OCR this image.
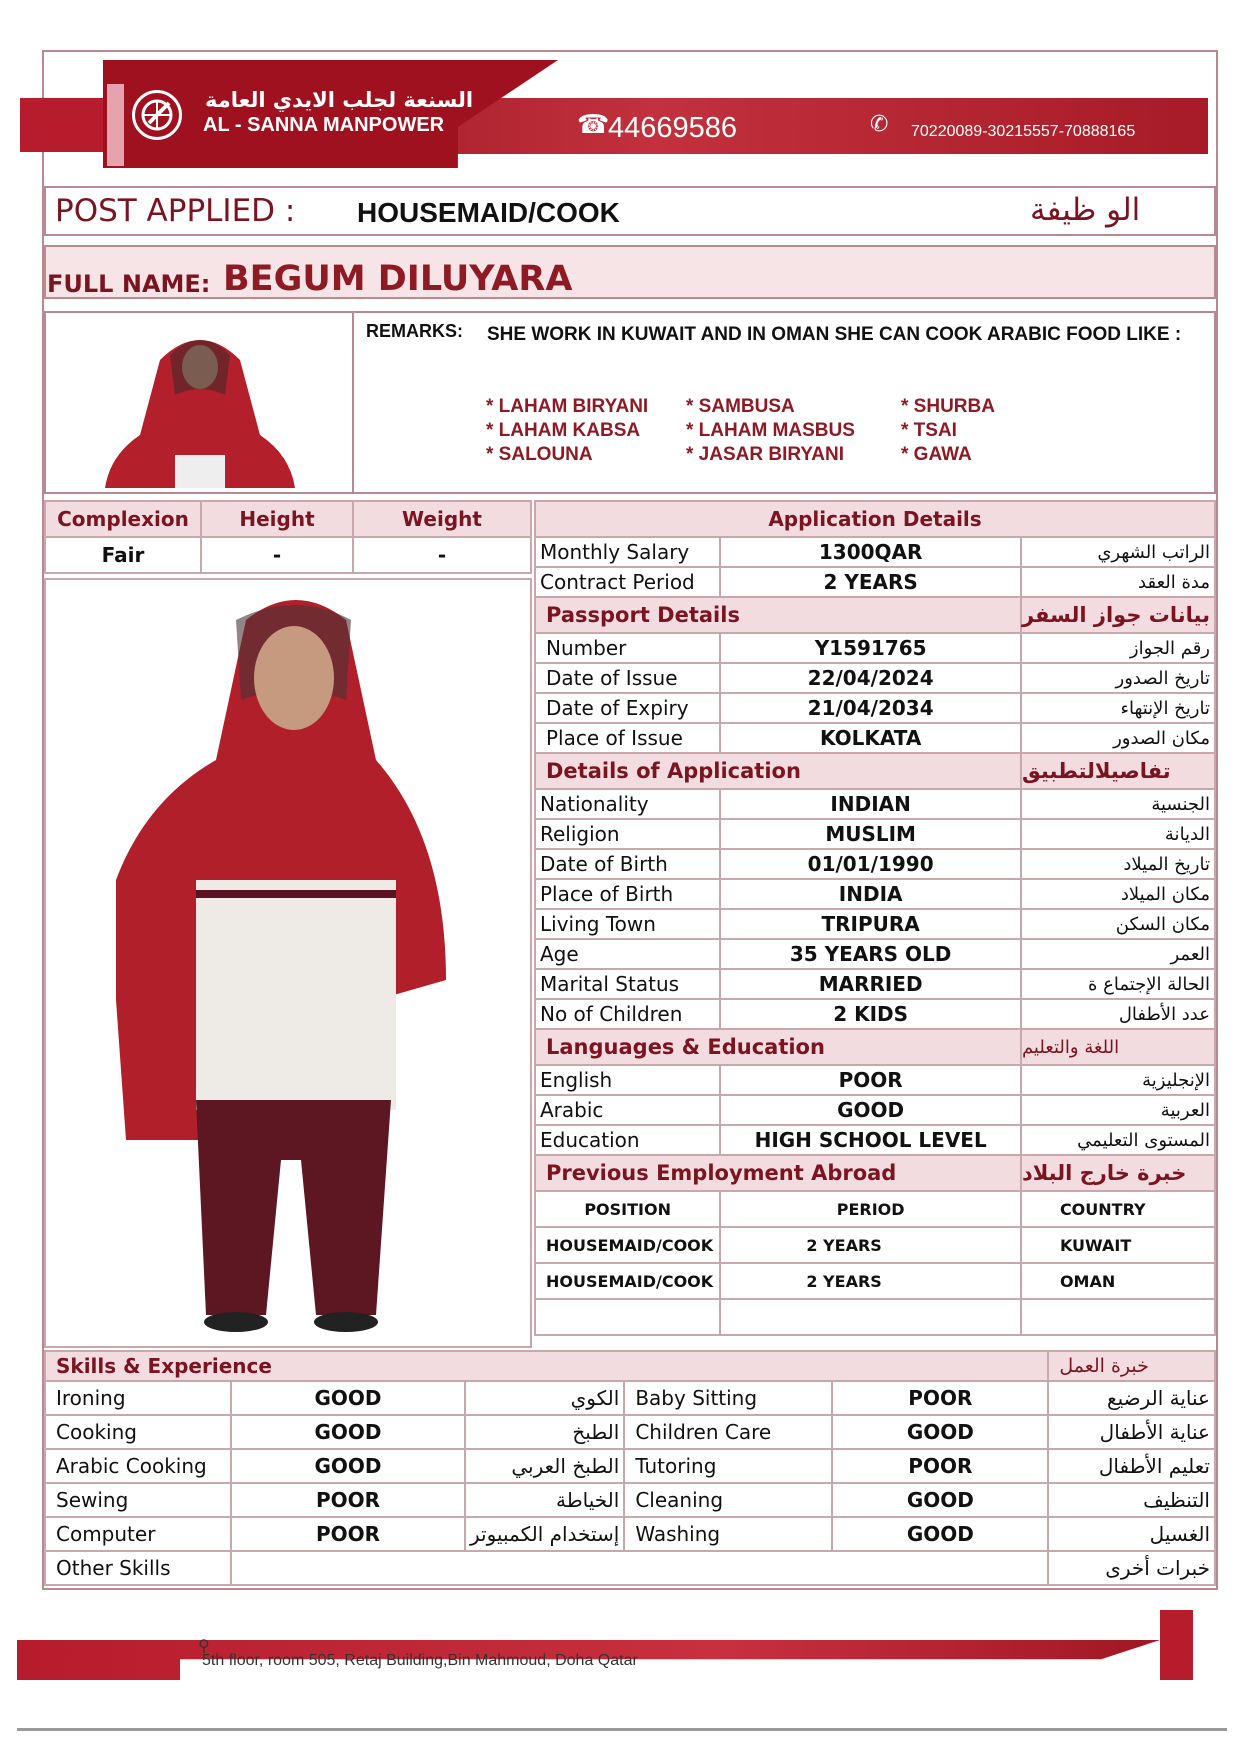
السنعة لجلب الايدي العامة
AL - SANNA MANPOWER	☎
44669586	✆ 70220089-30215557-70888165
POST APPLIED : HOUSEMAID/COOK	الو ظيفة
FULL NAME: BEGUM DILUYARA
REMARKS: SHE WORK IN KUWAIT AND IN OMAN SHE CAN COOK ARABIC FOOD LIKE :
* LAHAM BIRYANI	* SAMBUSA	* SHURBA
* LAHAM KABSA	* LAHAM MASBUS	* TSAI
* SALOUNA	* JASAR BIRYANI	* GAWA
Complexion	Height	Weight
Fair	-	-
Application Details		
Monthly Salary	1300QAR	الراتب الشهري
Contract Period	2 YEARS	مدة العقد
Passport Details		بيانات جواز السفر
Number	Y1591765	رقم الجواز
Date of Issue	22/04/2024	تاريخ الصدور
Date of Expiry	21/04/2034	تاريخ الإنتهاء
Place of Issue	KOLKATA	مكان الصدور
Details of Application		تفاصيلالتطبيق
Nationality	INDIAN	الجنسية
Religion	MUSLIM	الديانة
Date of Birth	01/01/1990	تاريخ الميلاد
Place of Birth	INDIA	مكان الميلاد
Living Town	TRIPURA	مكان السكن
Age	35 YEARS OLD	العمر
Marital Status	MARRIED	الحالة الإجتماع ة
No of Children	2 KIDS	عدد الأطفال
Languages & Education		اللغة والتعليم
English	POOR	الإنجليزية
Arabic	GOOD	العربية
Education	HIGH SCHOOL LEVEL	المستوى التعليمي
Previous Employment Abroad		خبرة خارج البلاد
POSITION	PERIOD	COUNTRY
HOUSEMAID/COOK	2 YEARS	KUWAIT
HOUSEMAID/COOK	2 YEARS	OMAN

Skills & Experience					خبرة العمل
Ironing	GOOD	الكوي	Baby Sitting	POOR	عناية الرضيع
Cooking	GOOD	الطبخ	Children Care	GOOD	عناية الأطفال
Arabic Cooking	GOOD	الطبخ العربي	Tutoring	POOR	تعليم الأطفال
Sewing	POOR	الخياطة	Cleaning	GOOD	التنظيف
Computer	POOR	إستخدام الكمبيوتر	Washing	GOOD	الغسيل
Other Skills					خبرات أخرى
⚲
5th floor, room 505, Retaj Building,Bin Mahmoud, Doha Qatar
